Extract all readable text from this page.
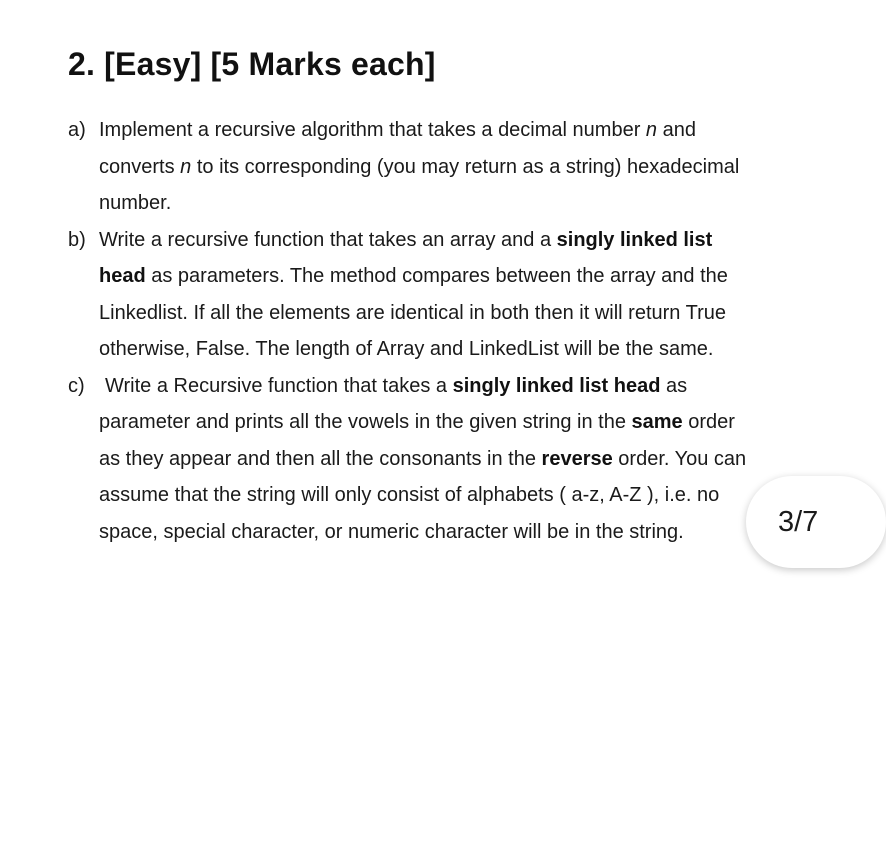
2. [Easy] [5 Marks each]
a) Implement a recursive algorithm that takes a decimal number n and

converts n to its corresponding (you may return as a string) hexadecimal

number.

b) Write a recursive function that takes an array and a singly linked list

head as parameters. The method compares between the array and the

Linkedlist. If all the elements are identical in both then it will return True

otherwise, False. The length of Array and LinkedList will be the same.

c) Write a Recursive function that takes a singly linked list head as

parameter and prints all the vowels in the given string in the same order

as they appear and then all the consonants in the reverse order. You can

assume that the string will only consist of alphabets ( a-z, A-Z ), i.e. no

space, special character, or numeric character will be in the string.	3/7
